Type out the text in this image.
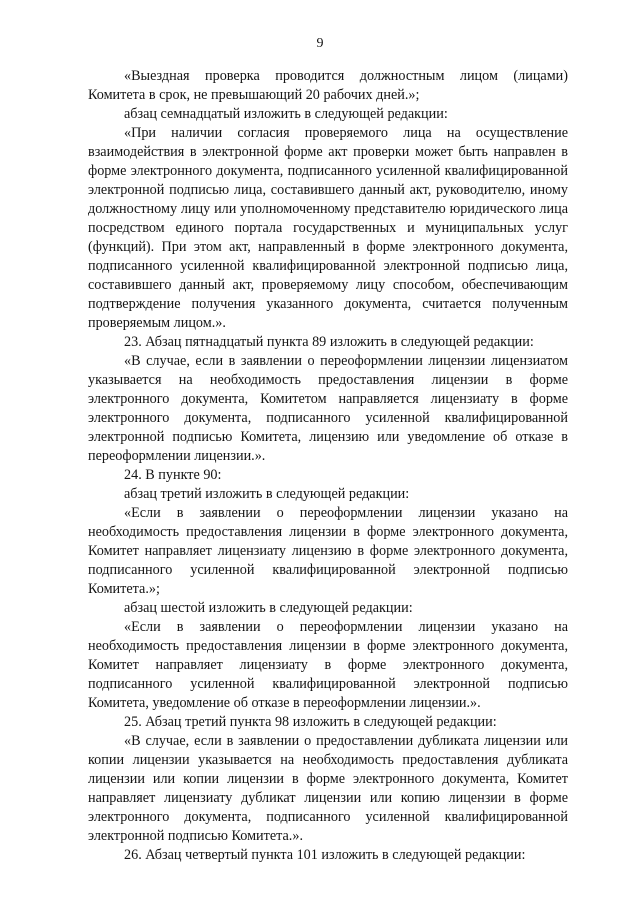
9

«Выездная проверка проводится должностным лицом (лицами) Комитета в срок, не превышающий 20 рабочих дней.»;

абзац семнадцатый изложить в следующей редакции:

«При наличии согласия проверяемого лица на осуществление взаимодействия в электронной форме акт проверки может быть направлен в форме электронного документа, подписанного усиленной квалифицированной электронной подписью лица, составившего данный акт, руководителю, иному должностному лицу или уполномоченному представителю юридического лица посредством единого портала государственных и муниципальных услуг (функций). При этом акт, направленный в форме электронного документа, подписанного усиленной квалифицированной электронной подписью лица, составившего данный акт, проверяемому лицу способом, обеспечивающим подтверждение получения указанного документа, считается полученным проверяемым лицом.».

23. Абзац пятнадцатый пункта 89 изложить в следующей редакции:

«В случае, если в заявлении о переоформлении лицензии лицензиатом указывается на необходимость предоставления лицензии в форме электронного документа, Комитетом направляется лицензиату в форме электронного документа, подписанного усиленной квалифицированной электронной подписью Комитета, лицензию или уведомление об отказе в переоформлении лицензии.».

24. В пункте 90:

абзац третий изложить в следующей редакции:

«Если в заявлении о переоформлении лицензии указано на необходимость предоставления лицензии в форме электронного документа, Комитет направляет лицензиату лицензию в форме электронного документа, подписанного усиленной квалифицированной электронной подписью Комитета.»;

абзац шестой изложить в следующей редакции:

«Если в заявлении о переоформлении лицензии указано на необходимость предоставления лицензии в форме электронного документа, Комитет направляет лицензиату в форме электронного документа, подписанного усиленной квалифицированной электронной подписью Комитета, уведомление об отказе в переоформлении лицензии.».

25. Абзац третий пункта 98 изложить в следующей редакции:

«В случае, если в заявлении о предоставлении дубликата лицензии или копии лицензии указывается на необходимость предоставления дубликата лицензии или копии лицензии в форме электронного документа, Комитет направляет лицензиату дубликат лицензии или копию лицензии в форме электронного документа, подписанного усиленной квалифицированной электронной подписью Комитета.».

26. Абзац четвертый пункта 101 изложить в следующей редакции:
